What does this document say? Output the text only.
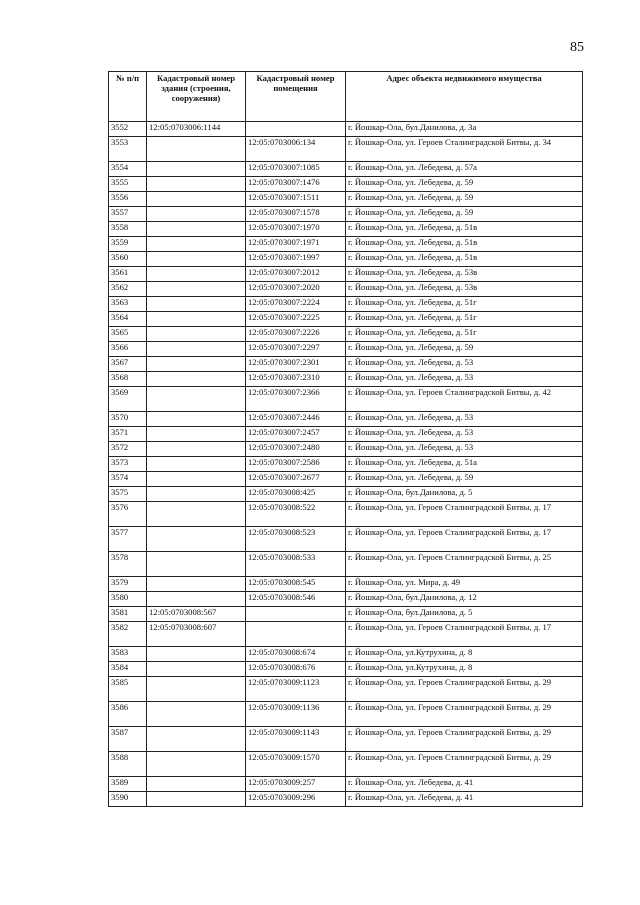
85
№ п/п	Кадастровый номер здания (строения, сооружения)	Кадастровый номер помещения	Адрес объекта недвижимого имущества
3552	12:05:0703006:1144		г. Йошкар-Ола, бул.Данилова, д. 3а
3553		12:05:0703006:134	г. Йошкар-Ола, ул. Героев Сталинградской Битвы, д. 34
3554		12:05:0703007:1085	г. Йошкар-Ола, ул. Лебедева, д. 57а
3555		12:05:0703007:1476	г. Йошкар-Ола, ул. Лебедева, д. 59
3556		12:05:0703007:1511	г. Йошкар-Ола, ул. Лебедева, д. 59
3557		12:05:0703007:1578	г. Йошкар-Ола, ул. Лебедева, д. 59
3558		12:05:0703007:1970	г. Йошкар-Ола, ул. Лебедева, д. 51в
3559		12:05:0703007:1971	г. Йошкар-Ола, ул. Лебедева, д. 51в
3560		12:05:0703007:1997	г. Йошкар-Ола, ул. Лебедева, д. 51в
3561		12:05:0703007:2012	г. Йошкар-Ола, ул. Лебедева, д. 53в
3562		12:05:0703007:2020	г. Йошкар-Ола, ул. Лебедева, д. 53в
3563		12:05:0703007:2224	г. Йошкар-Ола, ул. Лебедева, д. 51г
3564		12:05:0703007:2225	г. Йошкар-Ола, ул. Лебедева, д. 51г
3565		12:05:0703007:2226	г. Йошкар-Ола, ул. Лебедева, д. 51г
3566		12:05:0703007:2297	г. Йошкар-Ола, ул. Лебедева, д. 59
3567		12:05:0703007:2301	г. Йошкар-Ола, ул. Лебедева, д. 53
3568		12:05:0703007:2310	г. Йошкар-Ола, ул. Лебедева, д. 53
3569		12:05:0703007:2366	г. Йошкар-Ола, ул. Героев Сталинградской Битвы, д. 42
3570		12:05:0703007:2446	г. Йошкар-Ола, ул. Лебедева, д. 53
3571		12:05:0703007:2457	г. Йошкар-Ола, ул. Лебедева, д. 53
3572		12:05:0703007:2480	г. Йошкар-Ола, ул. Лебедева, д. 53
3573		12:05:0703007:2586	г. Йошкар-Ола, ул. Лебедева, д. 51а
3574		12:05:0703007:2677	г. Йошкар-Ола, ул. Лебедева, д. 59
3575		12:05:0703008:425	г. Йошкар-Ола, бул.Данилова, д. 5
3576		12:05:0703008:522	г. Йошкар-Ола, ул. Героев Сталинградской Битвы, д. 17
3577		12:05:0703008:523	г. Йошкар-Ола, ул. Героев Сталинградской Битвы, д. 17
3578		12:05:0703008:533	г. Йошкар-Ола, ул. Героев Сталинградской Битвы, д. 25
3579		12:05:0703008:545	г. Йошкар-Ола, ул. Мира, д. 49
3580		12:05:0703008:546	г. Йошкар-Ола, бул.Данилова, д. 12
3581	12:05:0703008:567		г. Йошкар-Ола, бул.Данилова, д. 5
3582	12:05:0703008:607		г. Йошкар-Ола, ул. Героев Сталинградской Битвы, д. 17
3583		12:05:0703008:674	г. Йошкар-Ола, ул.Кутрухина, д. 8
3584		12:05:0703008:676	г. Йошкар-Ола, ул.Кутрухина, д. 8
3585		12:05:0703009:1123	г. Йошкар-Ола, ул. Героев Сталинградской Битвы, д. 29
3586		12:05:0703009:1136	г. Йошкар-Ола, ул. Героев Сталинградской Битвы, д. 29
3587		12:05:0703009:1143	г. Йошкар-Ола, ул. Героев Сталинградской Битвы, д. 29
3588		12:05:0703009:1570	г. Йошкар-Ола, ул. Героев Сталинградской Битвы, д. 29
3589		12:05:0703009:257	г. Йошкар-Ола, ул. Лебедева, д. 41
3590		12:05:0703009:296	г. Йошкар-Ола, ул. Лебедева, д. 41
